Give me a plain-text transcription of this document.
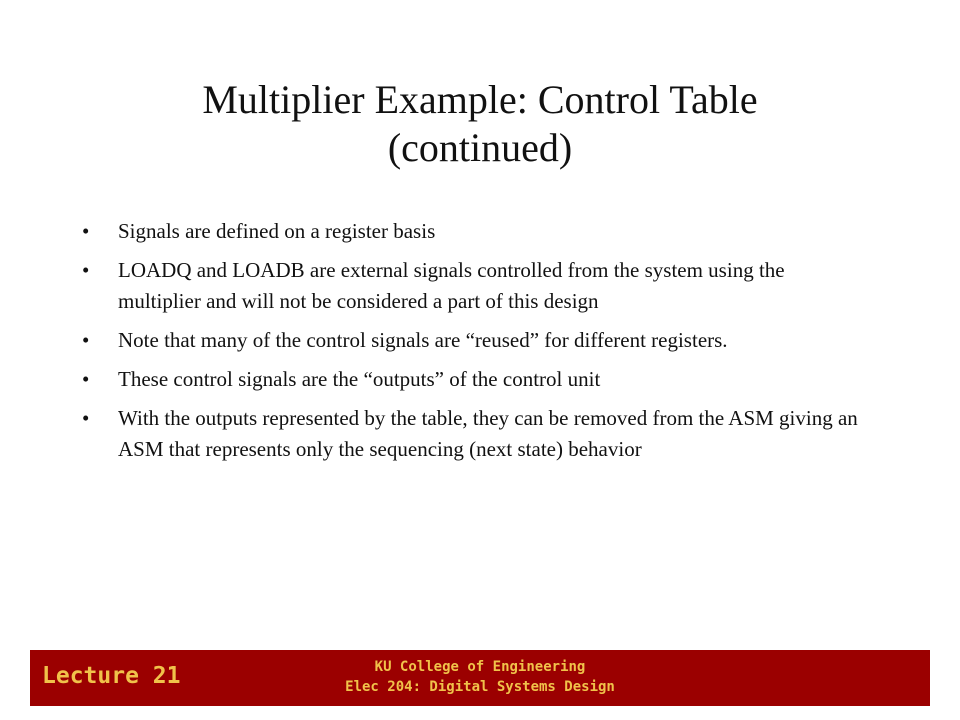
Multiplier Example: Control Table
(continued)
• Signals are defined on a register basis
• LOADQ and LOADB are external signals controlled from the system using the multiplier and will not be considered a part of this design
• Note that many of the control signals are “reused” for different registers.
• These control signals are the “outputs” of the control unit
• With the outputs represented by the table, they can be removed from the ASM giving an ASM that represents only the sequencing (next state) behavior
Lecture 21	KU College of Engineering
Elec 204: Digital Systems Design
